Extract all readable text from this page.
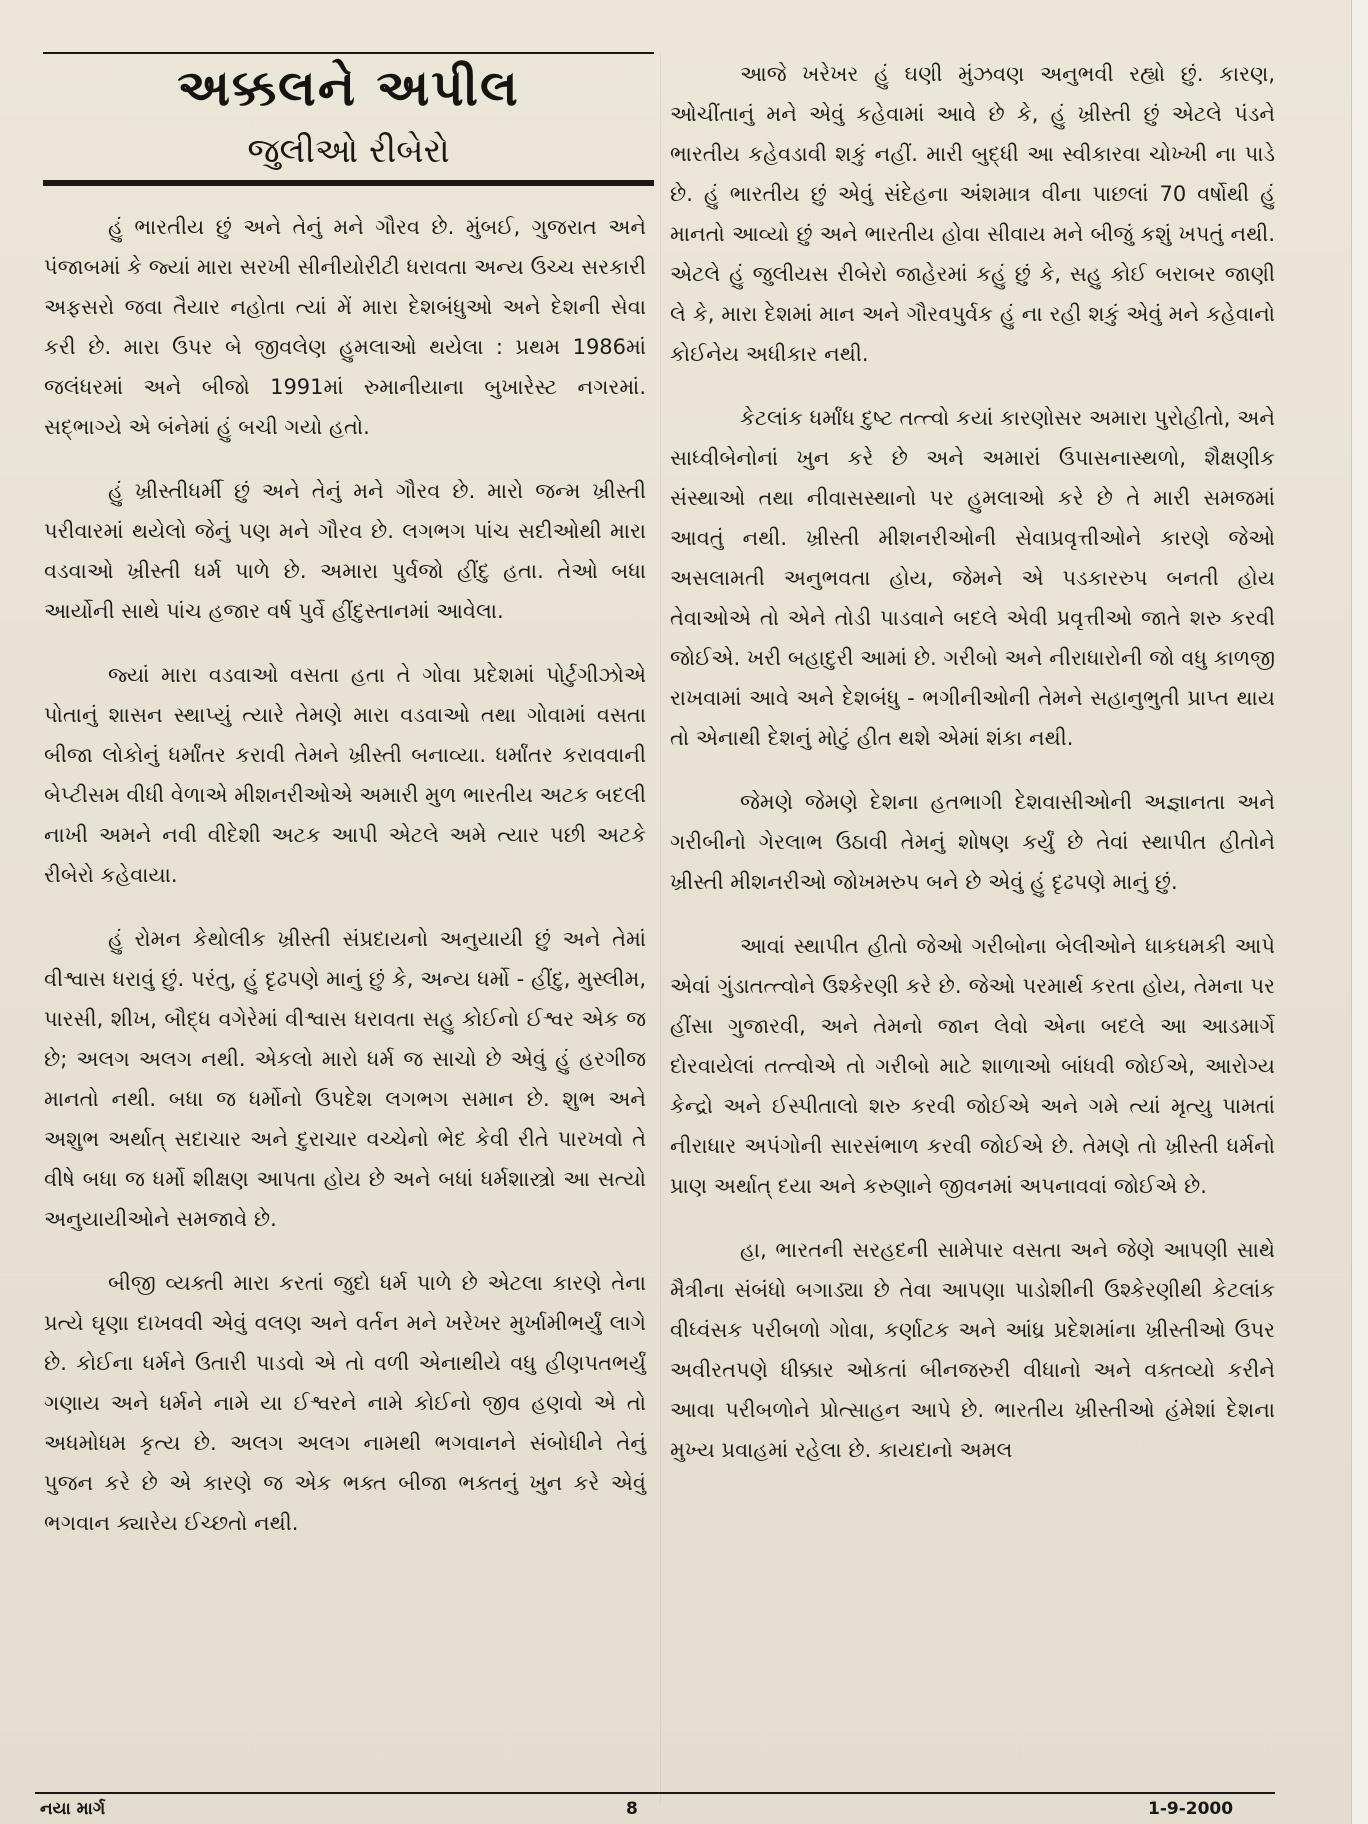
અક્કલને અપીલ
જુલીઓ રીબેરો

હું ભારતીય છું અને તેનું મને ગૌરવ છે. મુંબઈ, ગુજરાત અને પંજાબમાં કે જ્યાં મારા સરખી સીનીયોરીટી ધરાવતા અન્ય ઉચ્ચ સરકારી અફસરો જવા તૈયાર નહોતા ત્યાં મેં મારા દેશબંધુઓ અને દેશની સેવા કરી છે. મારા ઉપર બે જીવલેણ હુમલાઓ થયેલા : પ્રથમ 1986માં જલંધરમાં અને બીજો 1991માં રુમાનીયાના બુખારેસ્ટ નગરમાં. સદ્ભાગ્યે એ બંનેમાં હું બચી ગયો હતો.

હું ખ્રીસ્તીધર્મી છું અને તેનું મને ગૌરવ છે. મારો જન્મ ખ્રીસ્તી પરીવારમાં થયેલો જેનું પણ મને ગૌરવ છે. લગભગ પાંચ સદીઓથી મારા વડવાઓ ખ્રીસ્તી ધર્મ પાળે છે. અમારા પુર્વજો હીંદુ હતા. તેઓ બધા આર્યોની સાથે પાંચ હજાર વર્ષ પુર્વે હીંદુસ્તાનમાં આવેલા.

જ્યાં મારા વડવાઓ વસતા હતા તે ગોવા પ્રદેશમાં પોર્ટુગીઝોએ પોતાનું શાસન સ્થાપ્યું ત્યારે તેમણે મારા વડવાઓ તથા ગોવામાં વસતા બીજા લોકોનું ધર્માંતર કરાવી તેમને ખ્રીસ્તી બનાવ્યા. ધર્માંતર કરાવવાની બેપ્ટીસમ વીધી વેળાએ મીશનરીઓએ અમારી મુળ ભારતીય અટક બદલી નાખી અમને નવી વીદેશી અટક આપી એટલે અમે ત્યાર પછી અટકે રીબેરો કહેવાયા.

હું રોમન કેથોલીક ખ્રીસ્તી સંપ્રદાયનો અનુયાયી છું અને તેમાં વીશ્વાસ ધરાવું છું. પરંતુ, હું દૃઢપણે માનું છું કે, અન્ય ધર્મો - હીંદુ, મુસ્લીમ, પારસી, શીખ, બૌદ્ધ વગેરેમાં વીશ્વાસ ધરાવતા સહુ કોઈનો ઈશ્વર એક જ છે; અલગ અલગ નથી. એકલો મારો ધર્મ જ સાચો છે એવું હું હરગીજ માનતો નથી. બધા જ ધર્મોનો ઉપદેશ લગભગ સમાન છે. શુભ અને અશુભ અર્થાત્ સદાચાર અને દુરાચાર વચ્ચેનો ભેદ કેવી રીતે પારખવો તે વીષે બધા જ ધર્મો શીક્ષણ આપતા હોય છે અને બધાં ધર્મશાસ્ત્રો આ સત્યો અનુયાયીઓને સમજાવે છે.

બીજી વ્યક્તી મારા કરતાં જુદો ધર્મ પાળે છે એટલા કારણે તેના પ્રત્યે ઘૃણા દાખવવી એવું વલણ અને વર્તન મને ખરેખર મુર્ખામીભર્યું લાગે છે. કોઈના ધર્મને ઉતારી પાડવો એ તો વળી એનાથીયે વધુ હીણપતભર્યું ગણાય અને ધર્મને નામે યા ઈશ્વરને નામે કોઈનો જીવ હણવો એ તો અધમોધમ કૃત્ય છે. અલગ અલગ નામથી ભગવાનને સંબોધીને તેનું પુજન કરે છે એ કારણે જ એક ભક્ત બીજા ભક્તનું ખુન કરે એવું ભગવાન ક્યારેય ઈચ્છતો નથી.

આજે ખરેખર હું ઘણી મુંઝવણ અનુભવી રહ્યો છું. કારણ, ઓચીંતાનું મને એવું કહેવામાં આવે છે કે, હું ખ્રીસ્તી છું એટલે પંડને ભારતીય કહેવડાવી શકું નહીં. મારી બુદ્ધી આ સ્વીકારવા ચોખ્ખી ના પાડે છે. હું ભારતીય છું એવું સંદેહના અંશમાત્ર વીના પાછલાં 70 વર્ષોથી હું માનતો આવ્યો છું અને ભારતીય હોવા સીવાય મને બીજું કશું ખપતું નથી. એટલે હું જુલીયસ રીબેરો જાહેરમાં કહું છું કે, સહુ કોઈ બરાબર જાણી લે કે, મારા દેશમાં માન અને ગૌરવપુર્વક હું ના રહી શકું એવું મને કહેવાનો કોઈનેય અધીકાર નથી.

કેટલાંક ધર્માંધ દુષ્ટ તત્ત્વો કયાં કારણોસર અમારા પુરોહીતો, અને સાધ્વીબેનોનાં ખુન કરે છે અને અમારાં ઉપાસનાસ્થળો, શૈક્ષણીક સંસ્થાઓ તથા નીવાસસ્થાનો પર હુમલાઓ કરે છે તે મારી સમજમાં આવતું નથી. ખ્રીસ્તી મીશનરીઓની સેવાપ્રવૃત્તીઓને કારણે જેઓ અસલામતી અનુભવતા હોય, જેમને એ પડકારરુપ બનતી હોય તેવાઓએ તો એને તોડી પાડવાને બદલે એવી પ્રવૃત્તીઓ જાતે શરુ કરવી જોઈએ. ખરી બહાદુરી આમાં છે. ગરીબો અને નીરાધારોની જો વધુ કાળજી રાખવામાં આવે અને દેશબંધુ - ભગીનીઓની તેમને સહાનુભુતી પ્રાપ્ત થાય તો એનાથી દેશનું મોટું હીત થશે એમાં શંકા નથી.

જેમણે જેમણે દેશના હતભાગી દેશવાસીઓની અજ્ઞાનતા અને ગરીબીનો ગેરલાભ ઉઠાવી તેમનું શોષણ કર્યું છે તેવાં સ્થાપીત હીતોને ખ્રીસ્તી મીશનરીઓ જોખમરુપ બને છે એવું હું દૃઢપણે માનું છું.

આવાં સ્થાપીત હીતો જેઓ ગરીબોના બેલીઓને ધાકધમકી આપે એવાં ગુંડાતત્ત્વોને ઉશ્કેરણી કરે છે. જેઓ પરમાર્થ કરતા હોય, તેમના પર હીંસા ગુજારવી, અને તેમનો જાન લેવો એના બદલે આ આડમાર્ગે દોરવાયેલાં તત્ત્વોએ તો ગરીબો માટે શાળાઓ બાંધવી જોઈએ, આરોગ્ય કેન્દ્રો અને ઈસ્પીતાલો શરુ કરવી જોઈએ અને ગમે ત્યાં મૃત્યુ પામતાં નીરાધાર અપંગોની સારસંભાળ કરવી જોઈએ છે. તેમણે તો ખ્રીસ્તી ધર્મનો પ્રાણ અર્થાત્ દયા અને કરુણાને જીવનમાં અપનાવવાં જોઈએ છે.

હા, ભારતની સરહદની સામેપાર વસતા અને જેણે આપણી સાથે મૈત્રીના સંબંધો બગાડ્યા છે તેવા આપણા પાડોશીની ઉશ્કેરણીથી કેટલાંક વીધ્વંસક પરીબળો ગોવા, કર્ણાટક અને આંધ્ર પ્રદેશમાંના ખ્રીસ્તીઓ ઉપર અવીરતપણે ધીક્કાર ઓકતાં બીનજરુરી વીધાનો અને વક્તવ્યો કરીને આવા પરીબળોને પ્રોત્સાહન આપે છે. ભારતીય ખ્રીસ્તીઓ હંમેશાં દેશના મુખ્ય પ્રવાહમાં રહેલા છે. કાયદાનો અમલ

નયા માર્ગ	8	1-9-2000
